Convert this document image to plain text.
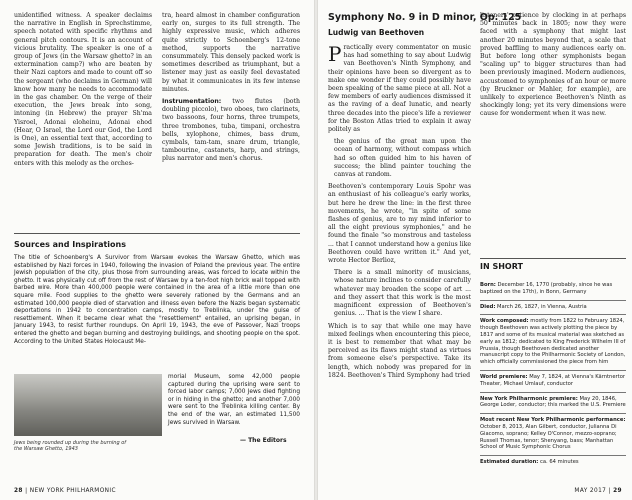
unidentified witness. A speaker declaims the narrative in English in Sprechstimme, speech notated with specific rhythms and general pitch contours. It is an account of vicious brutality. The speaker is one of a group of Jews (in the Warsaw ghetto? in an extermination camp?) who are beaten by their Nazi captors and made to count off so the sergeant (who declaims in German) will know how many he needs to accommodate in the gas chamber. On the verge of their execution, the Jews break into song, intoning (in Hebrew) the prayer Sh'ma Yisroel, Adonai eloheinu, Adonai ehod (Hear, O Israel, the Lord our God, the Lord is One), an essential text that, according to some Jewish traditions, is to be said in preparation for death. The men's choir enters with this melody as the orches-

tra, heard almost in chamber configuration early on, surges to its full strength. The highly expressive music, which adheres quite strictly to Schoenberg's 12-tone method, supports the narrative consummately. This densely packed work is sometimes described as triumphant, but a listener may just as easily feel devastated by what it communicates in its few intense minutes.

Instrumentation: two flutes (both doubling piccolo), two oboes, two clarinets, two bassoons, four horns, three trumpets, three trombones, tuba, timpani, orchestra bells, xylophone, chimes, bass drum, cymbals, tam-tam, snare drum, triangle, tambourine, castanets, harp, and strings, plus narrator and men's chorus.

Sources and Inspirations
The title of Schoenberg's A Survivor from Warsaw evokes the Warsaw Ghetto, which was established by Nazi forces in 1940, following the invasion of Poland the previous year. The entire Jewish population of the city, plus those from surrounding areas, was forced to locate within the ghetto. It was physically cut off from the rest of Warsaw by a ten-foot high brick wall topped with barbed wire. More than 400,000 people were contained in the area of a little more than one square mile. Food supplies to the ghetto were severely rationed by the Germans and an estimated 100,000 people died of starvation and illness even before the Nazis began systematic deportations in 1942 to concentration camps, mostly to Treblinka, under the guise of resettlement. When it became clear what the "resettlement" entailed, an uprising began, in January 1943, to resist further roundups. On April 19, 1943, the eve of Passover, Nazi troops entered the ghetto and began burning and destroying buildings, and shooting people on the spot. According to the United States Holocaust Me-
Jews being rounded up during the burning of the Warsaw Ghetto, 1943
morial Museum, some 42,000 people captured during the uprising were sent to forced labor camps; 7,000 Jews died fighting or in hiding in the ghetto; and another 7,000 were sent to the Treblinka killing center. By the end of the war, an estimated 11,500 Jews survived in Warsaw.
— The Editors
28 | NEW YORK PHILHARMONIC
Symphony No. 9 in D minor, Op. 125
Ludwig van Beethoven

Practically every commentator on music has had something to say about Ludwig van Beethoven's Ninth Symphony, and their opinions have been so divergent as to make one wonder if they could possibly have been speaking of the same piece at all. Not a few members of early audiences dismissed it as the raving of a deaf lunatic, and nearly three decades into the piece's life a reviewer for the Boston Atlas tried to explain it away politely as

the genius of the great man upon the ocean of harmony, without compass which had so often guided him to his haven of success; the blind painter touching the canvas at random.

Beethoven's contemporary Louis Spohr was an enthusiast of his colleague's early works, but here he drew the line: in the first three movements, he wrote, "in spite of some flashes of genius, are to my mind inferior to all the eight previous symphonies," and he found the finale "so monstrous and tasteless ... that I cannot understand how a genius like Beethoven could have written it." And yet, wrote Hector Berlioz,

There is a small minority of musicians, whose nature inclines to consider carefully whatever may broaden the scope of art ... and they assert that this work is the most magnificent expression of Beethoven's genius. ... That is the view I share.

Which is to say that while one may have mixed feelings when encountering this piece, it is best to remember that what may be perceived as its flaws might stand as virtues from someone else's perspective. Take its length, which nobody was prepared for in 1824. Beethoven's Third Symphony had tried

listeners' patience by clocking in at perhaps 50 minutes back in 1805; now they were faced with a symphony that might last another 20 minutes beyond that, a scale that proved baffling to many audiences early on. But before long other symphonists began "scaling up" to bigger structures than had been previously imagined. Modern audiences, accustomed to symphonies of an hour or more (by Bruckner or Mahler, for example), are unlikely to experience Beethoven's Ninth as shockingly long; yet its very dimensions were cause for wonderment when it was new.

IN SHORT
Born: December 16, 1770 (probably, since he was baptized on the 17th), in Bonn, Germany
Died: March 26, 1827, in Vienna, Austria
Work composed: mostly from 1822 to February 1824, though Beethoven was actively plotting the piece by 1817 and some of its musical material was sketched as early as 1812; dedicated to King Frederick Wilhelm III of Prussia, though Beethoven dedicated another manuscript copy to the Philharmonic Society of London, which officially commissioned the piece from him
World premiere: May 7, 1824, at Vienna's Kärntnertor Theater, Michael Umlauf, conductor
New York Philharmonic premiere: May 20, 1846, George Loder, conductor; this marked the U.S. Premiere
Most recent New York Philharmonic performance: October 8, 2013, Alan Gilbert, conductor, Julianna Di Giacomo, soprano; Kelley O'Connor, mezzo-soprano; Russell Thomas, tenor; Shenyang, bass; Manhattan School of Music Symphonic Chorus
Estimated duration: ca. 64 minutes
MAY 2017 | 29
